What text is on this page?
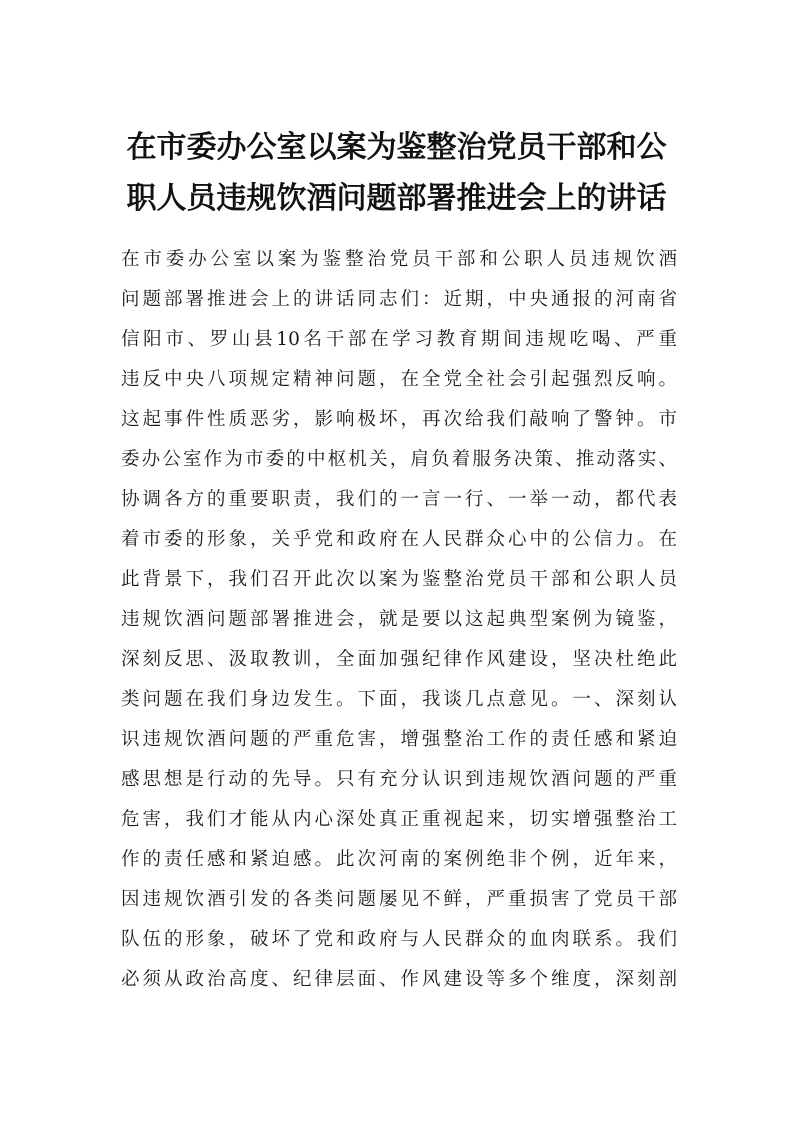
在市委办公室以案为鉴整治党员干部和公
职人员违规饮酒问题部署推进会上的讲话
在市委办公室以案为鉴整治党员干部和公职人员违规饮酒
问题部署推进会上的讲话同志们：近期，中央通报的河南省
信阳市、罗山县10名干部在学习教育期间违规吃喝、严重
违反中央八项规定精神问题，在全党全社会引起强烈反响。
这起事件性质恶劣，影响极坏，再次给我们敲响了警钟。市
委办公室作为市委的中枢机关，肩负着服务决策、推动落实、
协调各方的重要职责，我们的一言一行、一举一动，都代表
着市委的形象，关乎党和政府在人民群众心中的公信力。在
此背景下，我们召开此次以案为鉴整治党员干部和公职人员
违规饮酒问题部署推进会，就是要以这起典型案例为镜鉴，
深刻反思、汲取教训，全面加强纪律作风建设，坚决杜绝此
类问题在我们身边发生。下面，我谈几点意见。一、深刻认
识违规饮酒问题的严重危害，增强整治工作的责任感和紧迫
感思想是行动的先导。只有充分认识到违规饮酒问题的严重
危害，我们才能从内心深处真正重视起来，切实增强整治工
作的责任感和紧迫感。此次河南的案例绝非个例，近年来，
因违规饮酒引发的各类问题屡见不鲜，严重损害了党员干部
队伍的形象，破坏了党和政府与人民群众的血肉联系。我们
必须从政治高度、纪律层面、作风建设等多个维度，深刻剖
